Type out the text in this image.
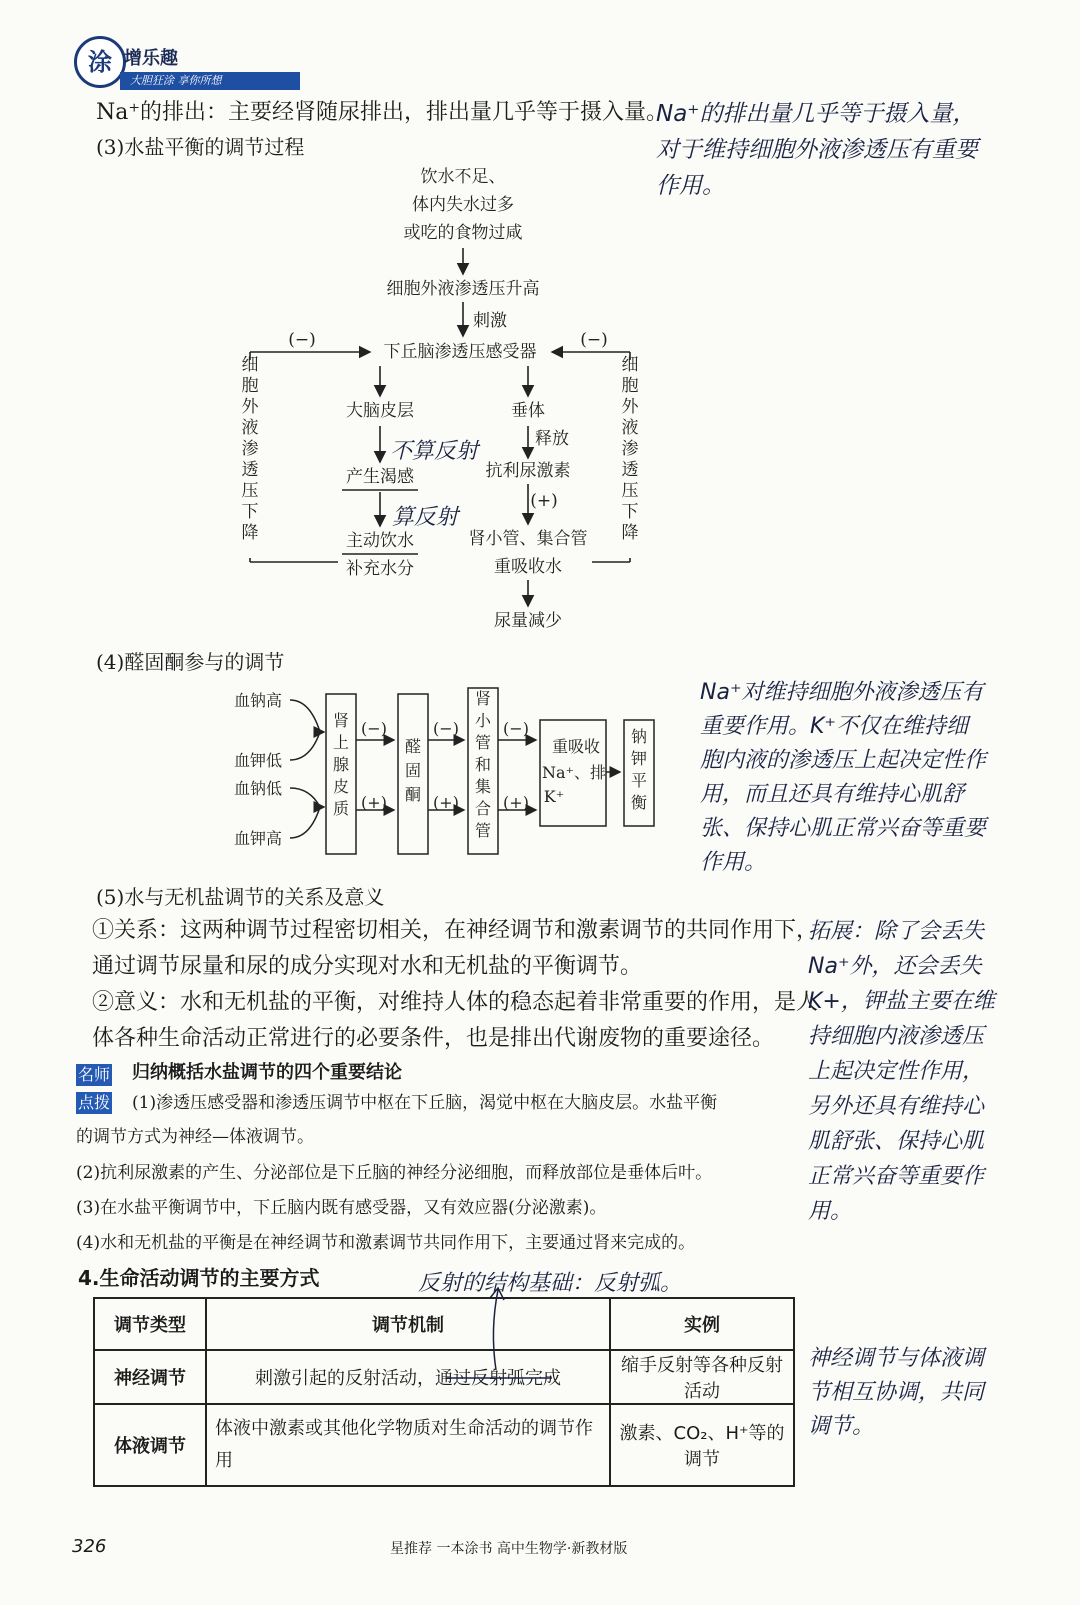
涂 增乐趣
大胆狂涂 享你所想
Na⁺的排出：主要经肾随尿排出，排出量几乎等于摄入量。
(3)水盐平衡的调节过程
饮水不足、
体内失水过多
或吃的食物过咸
细胞外液渗透压升高
刺激
下丘脑渗透压感受器
(−)	(−)
大脑皮层	垂体
释放
产生渴感	抗利尿激素
(+)
主动饮水
补充水分
肾小管、集合管
重吸收水
尿量减少
细胞外液渗透压下降
细胞外液渗透压下降
不算反射
算反射
(4)醛固酮参与的调节
血钠高
血钾低
血钠低
血钾高
(−)
(+)
(−)
(+)
(−)
(+)
肾上腺皮质
醛固酮
肾小管和集合管
重吸收
Na⁺、排
K⁺
钠钾平衡
(5)水与无机盐调节的关系及意义
①关系：这两种调节过程密切相关，在神经调节和激素调节的共同作用下，
通过调节尿量和尿的成分实现对水和无机盐的平衡调节。
②意义：水和无机盐的平衡，对维持人体的稳态起着非常重要的作用，是人
体各种生命活动正常进行的必要条件，也是排出代谢废物的重要途径。
名师
点拨
归纳概括水盐调节的四个重要结论
(1)渗透压感受器和渗透压调节中枢在下丘脑，渴觉中枢在大脑皮层。水盐平衡
的调节方式为神经—体液调节。
(2)抗利尿激素的产生、分泌部位是下丘脑的神经分泌细胞，而释放部位是垂体后叶。
(3)在水盐平衡调节中，下丘脑内既有感受器，又有效应器(分泌激素)。
(4)水和无机盐的平衡是在神经调节和激素调节共同作用下，主要通过肾来完成的。
4.生命活动调节的主要方式
调节类型	调节机制	实例
神经调节	刺激引起的反射活动，通过反射弧完成	缩手反射等各种反射活动
体液调节	体液中激素或其他化学物质对生命活动的调节作用	激素、CO₂、H⁺等的调节
Na⁺的排出量几乎等于摄入量，对于维持细胞外液渗透压有重要作用。
Na⁺对维持细胞外液渗透压有重要作用。K⁺不仅在维持细胞内液的渗透压上起决定性作用，而且还具有维持心肌舒张、保持心肌正常兴奋等重要作用。
拓展：除了会丢失Na⁺外，还会丢失K+，钾盐主要在维持细胞内液渗透压上起决定性作用，另外还具有维持心肌舒张、保持心肌正常兴奋等重要作用。
反射的结构基础：反射弧。
神经调节与体液调节相互协调，共同调节。
326	星推荐 一本涂书 高中生物学·新教材版
